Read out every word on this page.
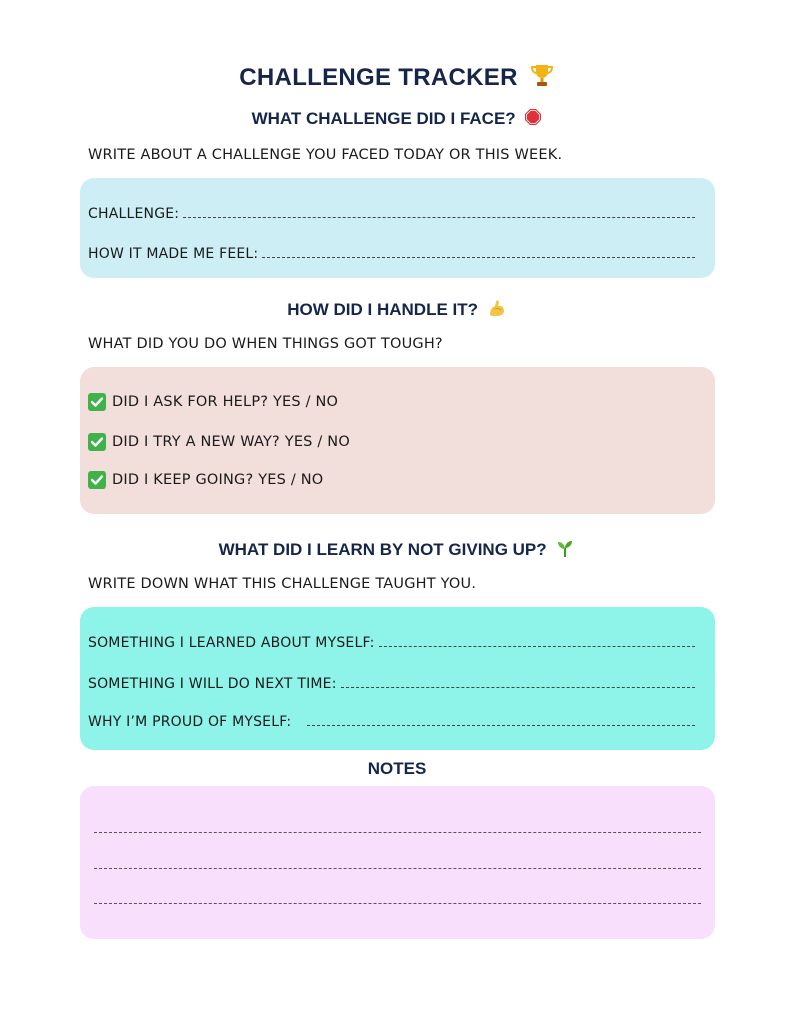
CHALLENGE TRACKER
WHAT CHALLENGE DID I FACE?
WRITE ABOUT A CHALLENGE YOU FACED TODAY OR THIS WEEK.
CHALLENGE:
HOW IT MADE ME FEEL:
HOW DID I HANDLE IT?
WHAT DID YOU DO WHEN THINGS GOT TOUGH?
DID I ASK FOR HELP? YES / NO
DID I TRY A NEW WAY? YES / NO
DID I KEEP GOING? YES / NO
WHAT DID I LEARN BY NOT GIVING UP?
WRITE DOWN WHAT THIS CHALLENGE TAUGHT YOU.
SOMETHING I LEARNED ABOUT MYSELF:
SOMETHING I WILL DO NEXT TIME:
WHY I’M PROUD OF MYSELF:
NOTES
